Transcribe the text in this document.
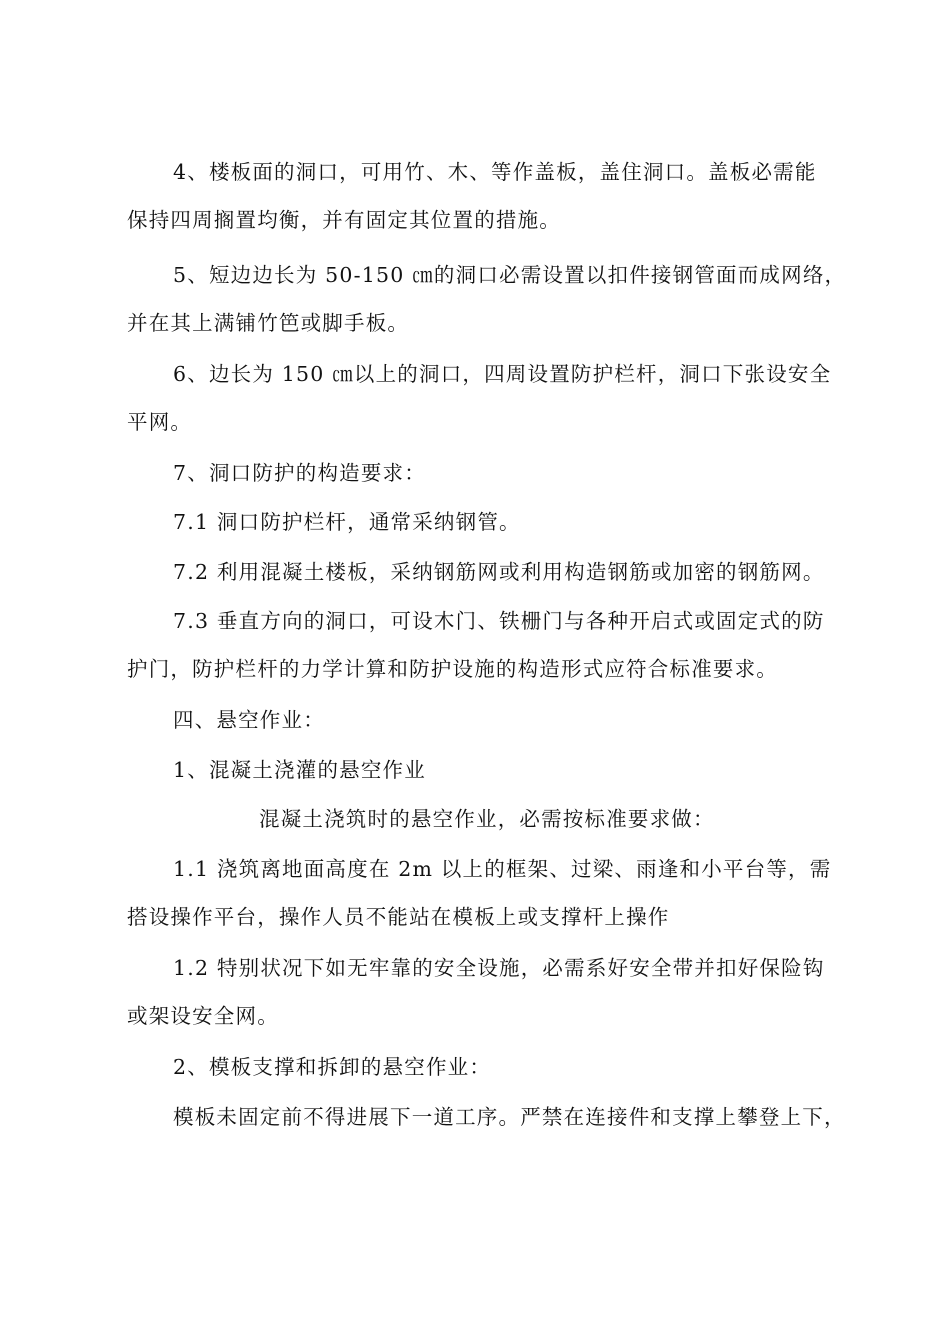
4、楼板面的洞口，可用竹、木、等作盖板，盖住洞口。盖板必需能
保持四周搁置均衡，并有固定其位置的措施。

5、短边边长为 50-150 ㎝的洞口必需设置以扣件接钢管面而成网络，
并在其上满铺竹笆或脚手板。

6、边长为 150 ㎝以上的洞口，四周设置防护栏杆，洞口下张设安全
平网。

7、洞口防护的构造要求：

7.1 洞口防护栏杆，通常采纳钢管。

7.2 利用混凝土楼板，采纳钢筋网或利用构造钢筋或加密的钢筋网。

7.3 垂直方向的洞口，可设木门、铁栅门与各种开启式或固定式的防
护门，防护栏杆的力学计算和防护设施的构造形式应符合标准要求。

四、悬空作业：

1、混凝土浇灌的悬空作业

混凝土浇筑时的悬空作业，必需按标准要求做：

1.1 浇筑离地面高度在 2m 以上的框架、过梁、雨逢和小平台等，需
搭设操作平台，操作人员不能站在模板上或支撑杆上操作

1.2 特别状况下如无牢靠的安全设施，必需系好安全带并扣好保险钩
或架设安全网。

2、模板支撑和拆卸的悬空作业：

模板未固定前不得进展下一道工序。严禁在连接件和支撑上攀登上下，
